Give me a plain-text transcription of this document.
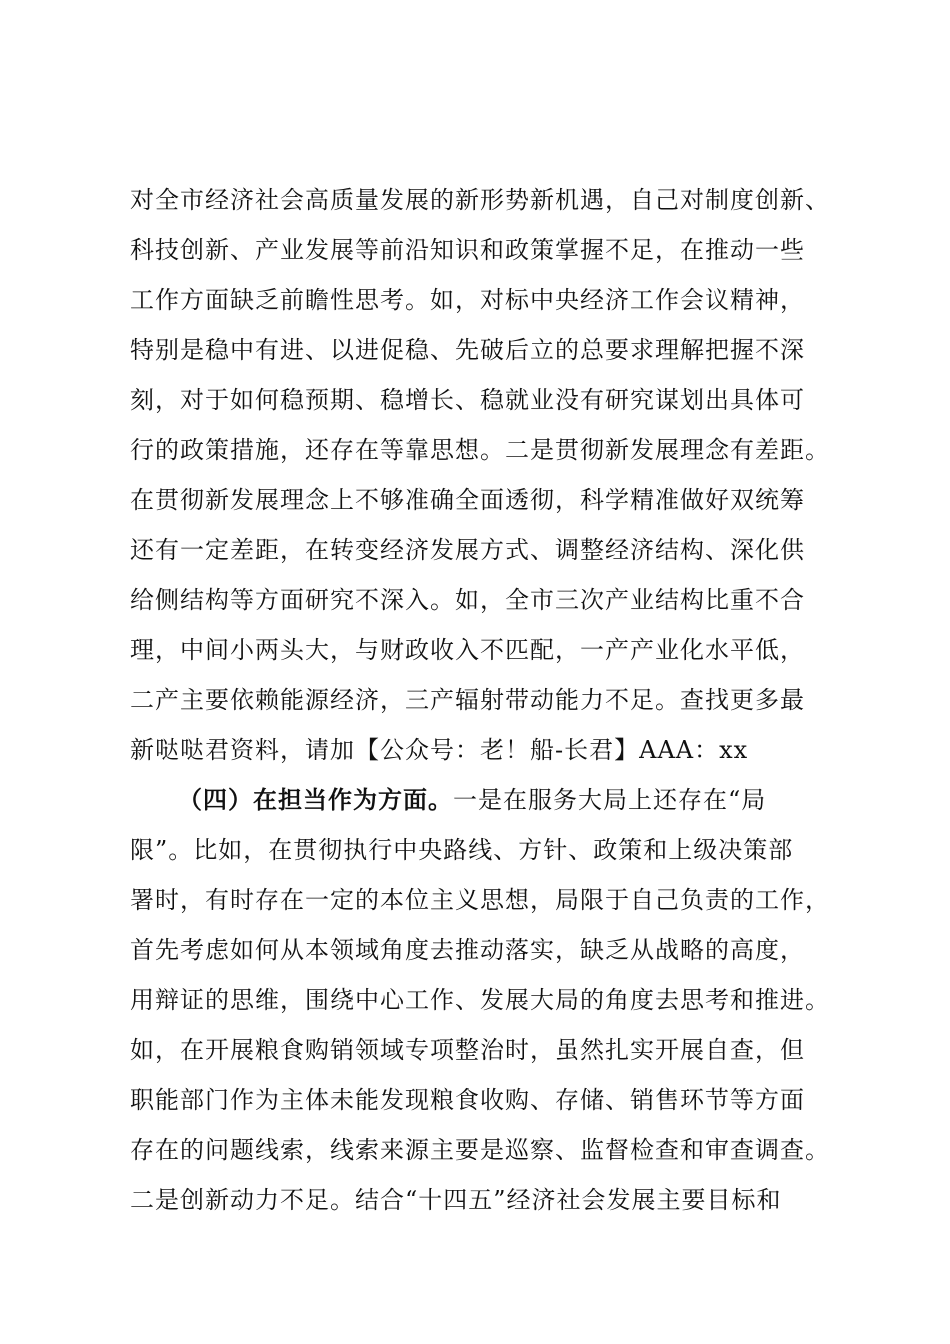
对全市经济社会高质量发展的新形势新机遇，自己对制度创新、
科技创新、产业发展等前沿知识和政策掌握不足，在推动一些
工作方面缺乏前瞻性思考。如，对标中央经济工作会议精神，
特别是稳中有进、以进促稳、先破后立的总要求理解把握不深
刻，对于如何稳预期、稳增长、稳就业没有研究谋划出具体可
行的政策措施，还存在等靠思想。二是贯彻新发展理念有差距。
在贯彻新发展理念上不够准确全面透彻，科学精准做好双统筹
还有一定差距，在转变经济发展方式、调整经济结构、深化供
给侧结构等方面研究不深入。如，全市三次产业结构比重不合
理，中间小两头大，与财政收入不匹配，一产产业化水平低，
二产主要依赖能源经济，三产辐射带动能力不足。查找更多最
新哒哒君资料，请加【公众号：老！船-长君】AAA：xx
（四）在担当作为方面。一是在服务大局上还存在“局
限”。比如，在贯彻执行中央路线、方针、政策和上级决策部
署时，有时存在一定的本位主义思想，局限于自己负责的工作，
首先考虑如何从本领域角度去推动落实，缺乏从战略的高度，
用辩证的思维，围绕中心工作、发展大局的角度去思考和推进。
如，在开展粮食购销领域专项整治时，虽然扎实开展自查，但
职能部门作为主体未能发现粮食收购、存储、销售环节等方面
存在的问题线索，线索来源主要是巡察、监督检查和审查调查。
二是创新动力不足。结合“十四五”经济社会发展主要目标和
